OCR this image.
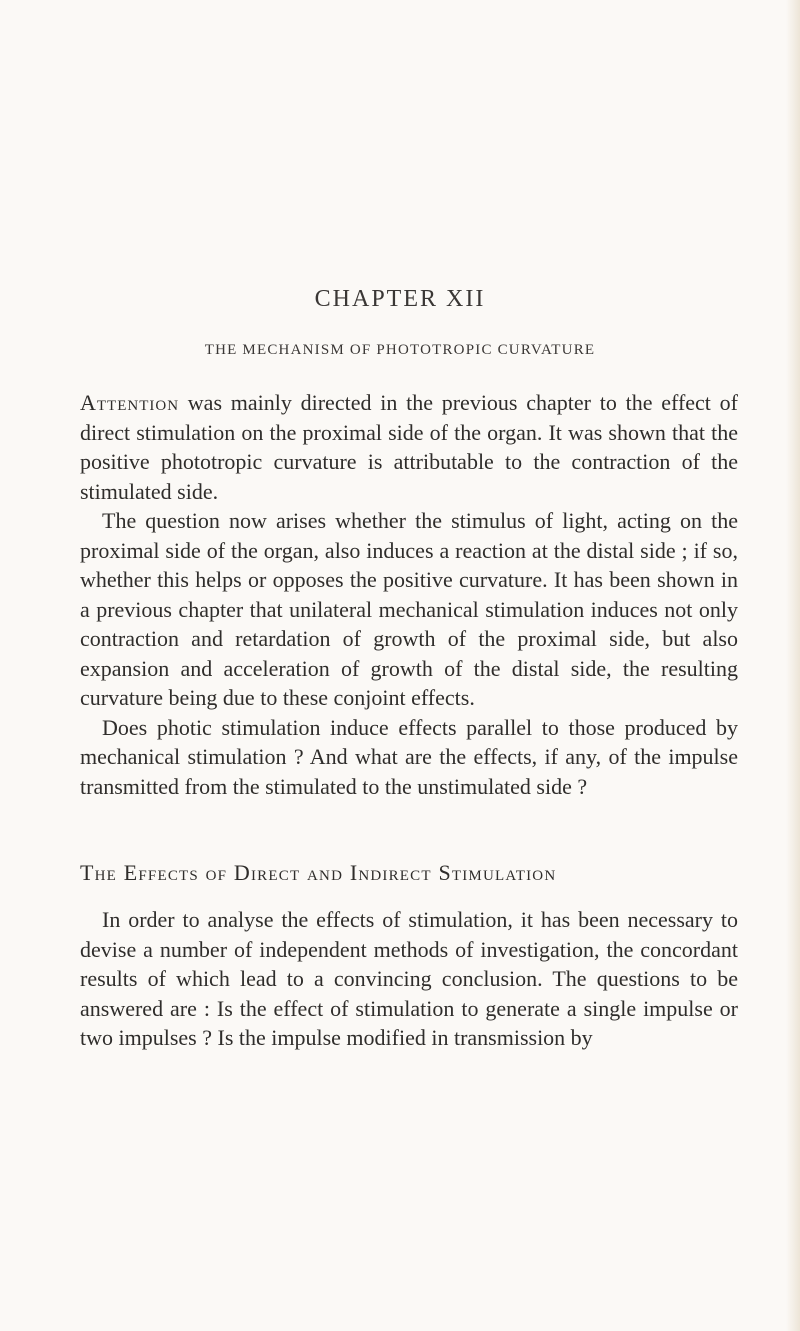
CHAPTER XII
THE MECHANISM OF PHOTOTROPIC CURVATURE

Attention was mainly directed in the previous chapter to the effect of direct stimulation on the proximal side of the organ. It was shown that the positive phototropic curvature is attributable to the contraction of the stimulated side.

The question now arises whether the stimulus of light, acting on the proximal side of the organ, also induces a reaction at the distal side ; if so, whether this helps or opposes the positive curvature. It has been shown in a previous chapter that unilateral mechanical stimulation induces not only contraction and retardation of growth of the proximal side, but also expansion and acceleration of growth of the distal side, the resulting curvature being due to these conjoint effects.

Does photic stimulation induce effects parallel to those produced by mechanical stimulation ? And what are the effects, if any, of the impulse transmitted from the stimulated to the unstimulated side ?

The Effects of Direct and Indirect Stimulation

In order to analyse the effects of stimulation, it has been necessary to devise a number of independent methods of investigation, the concordant results of which lead to a convincing conclusion. The questions to be answered are : Is the effect of stimulation to generate a single impulse or two impulses ? Is the impulse modified in transmission by
